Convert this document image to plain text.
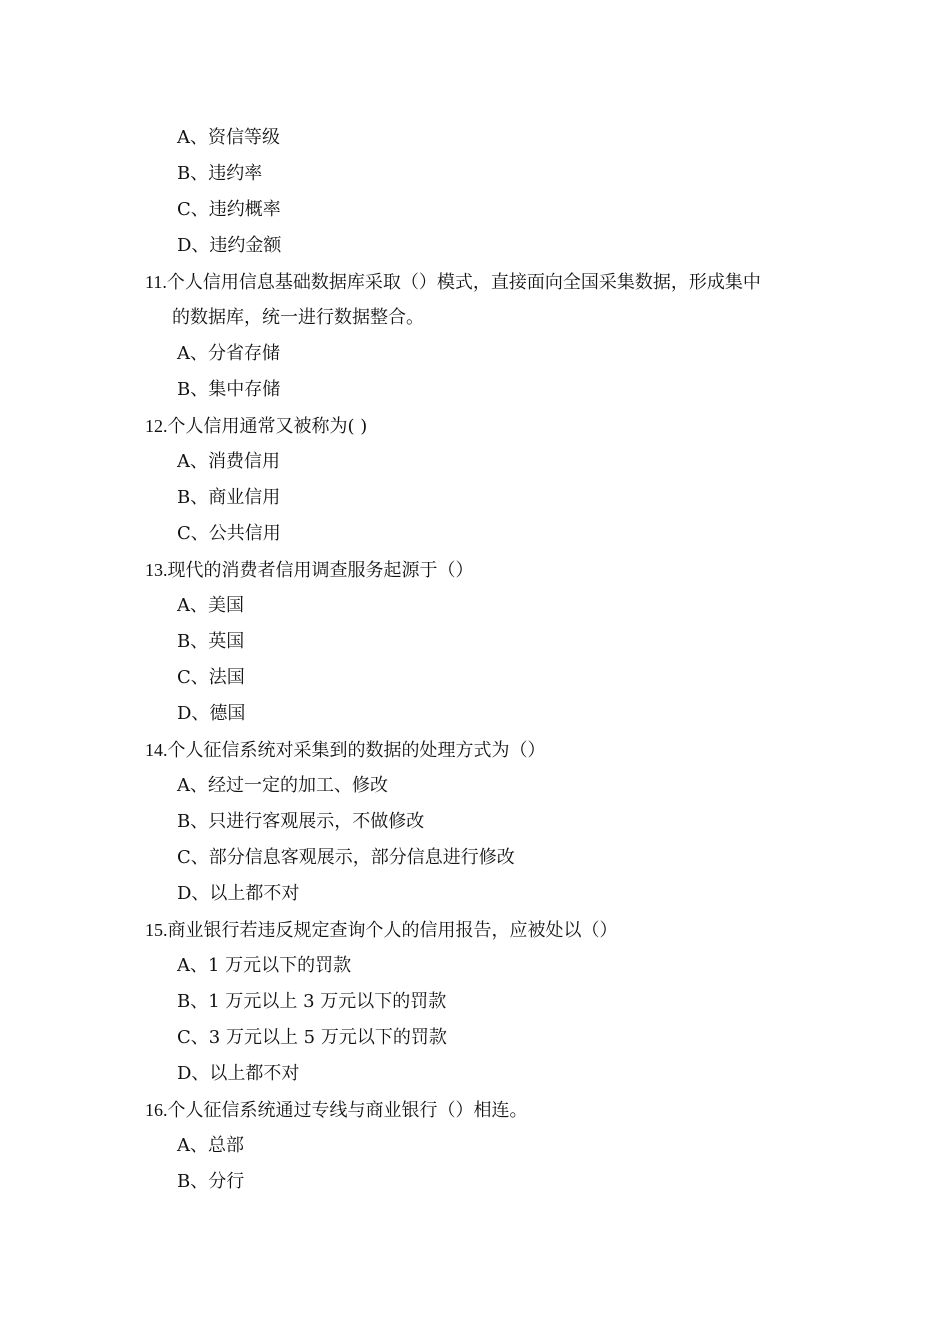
A、资信等级
B、违约率
C、违约概率
D、违约金额
11.个人信用信息基础数据库采取（）模式，直接面向全国采集数据，形成集中
的数据库，统一进行数据整合。
A、分省存储
B、集中存储
12.个人信用通常又被称为( )
A、消费信用
B、商业信用
C、公共信用
13.现代的消费者信用调查服务起源于（）
A、美国
B、英国
C、法国
D、德国
14.个人征信系统对采集到的数据的处理方式为（）
A、经过一定的加工、修改
B、只进行客观展示，不做修改
C、部分信息客观展示，部分信息进行修改
D、以上都不对
15.商业银行若违反规定查询个人的信用报告，应被处以（）
A、1 万元以下的罚款
B、1 万元以上 3 万元以下的罚款
C、3 万元以上 5 万元以下的罚款
D、以上都不对
16.个人征信系统通过专线与商业银行（）相连。
A、总部
B、分行
